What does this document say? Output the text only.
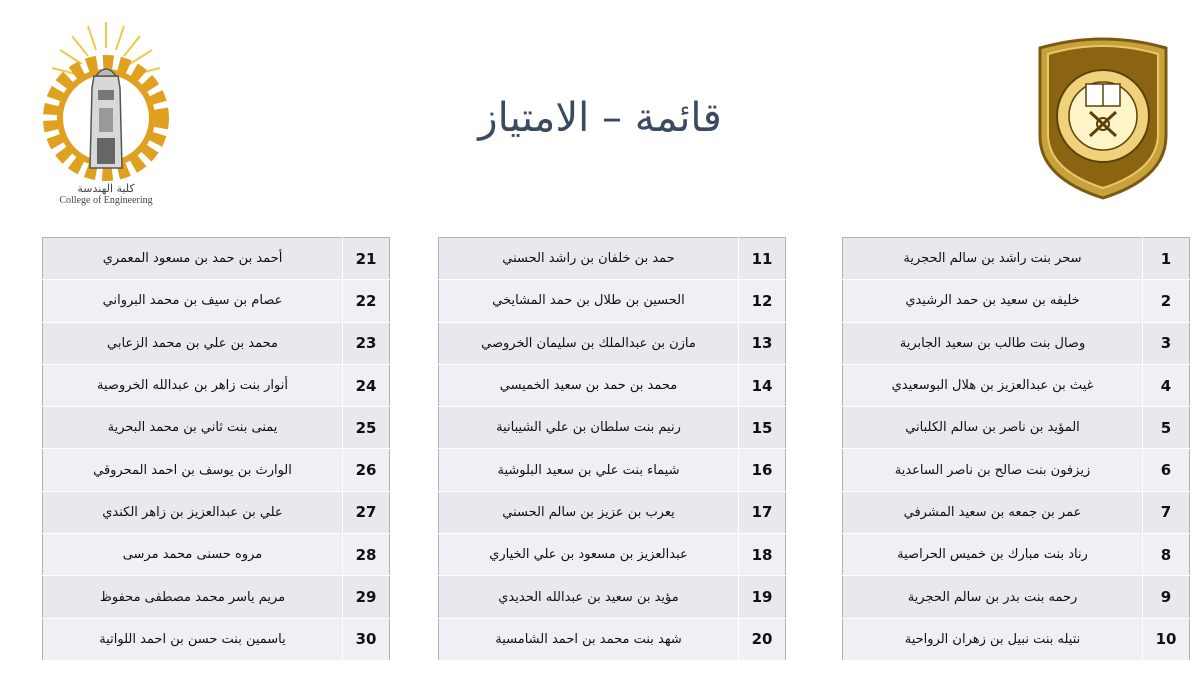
كلية الهندسة
College of Engineering
قائمة – الامتياز
1	سحر بنت راشد بن سالم الحجرية
2	خليفه بن سعيد بن حمد الرشيدي
3	وصال بنت طالب بن سعيد الجابرية
4	غيث بن عبدالعزيز بن هلال البوسعيدي
5	المؤيد بن ناصر بن سالم الكلباني
6	زيزفون بنت صالح بن ناصر الساعدية
7	عمر بن جمعه بن سعيد المشرفي
8	رناد بنت مبارك بن خميس الحراصية
9	رحمه بنت بدر بن سالم الحجرية
10	نتيله بنت نبيل بن زهران الرواحية
11	حمد بن خلفان بن راشد الحسني
12	الحسين بن طلال بن حمد المشايخي
13	مازن بن عبدالملك بن سليمان الخروصي
14	محمد بن حمد بن سعيد الخميسي
15	رنيم بنت سلطان بن علي الشيبانية
16	شيماء بنت علي بن سعيد البلوشية
17	يعرب بن عزيز بن سالم الحسني
18	عبدالعزيز بن مسعود بن علي الخياري
19	مؤيد بن سعيد بن عبدالله الحديدي
20	شهد بنت محمد بن احمد الشامسية
21	أحمد بن حمد بن مسعود المعمري
22	عصام بن سيف بن محمد البرواني
23	محمد بن علي بن محمد الزعابي
24	أنوار بنت زاهر بن عبدالله الخروصية
25	يمنى بنت ثاني بن محمد البحرية
26	الوارث بن يوسف بن احمد المحروقي
27	علي بن عبدالعزيز بن زاهر الكندي
28	مروه حسنى محمد مرسى
29	مريم ياسر محمد مصطفى محفوظ
30	ياسمين بنت حسن بن احمد اللواتية
